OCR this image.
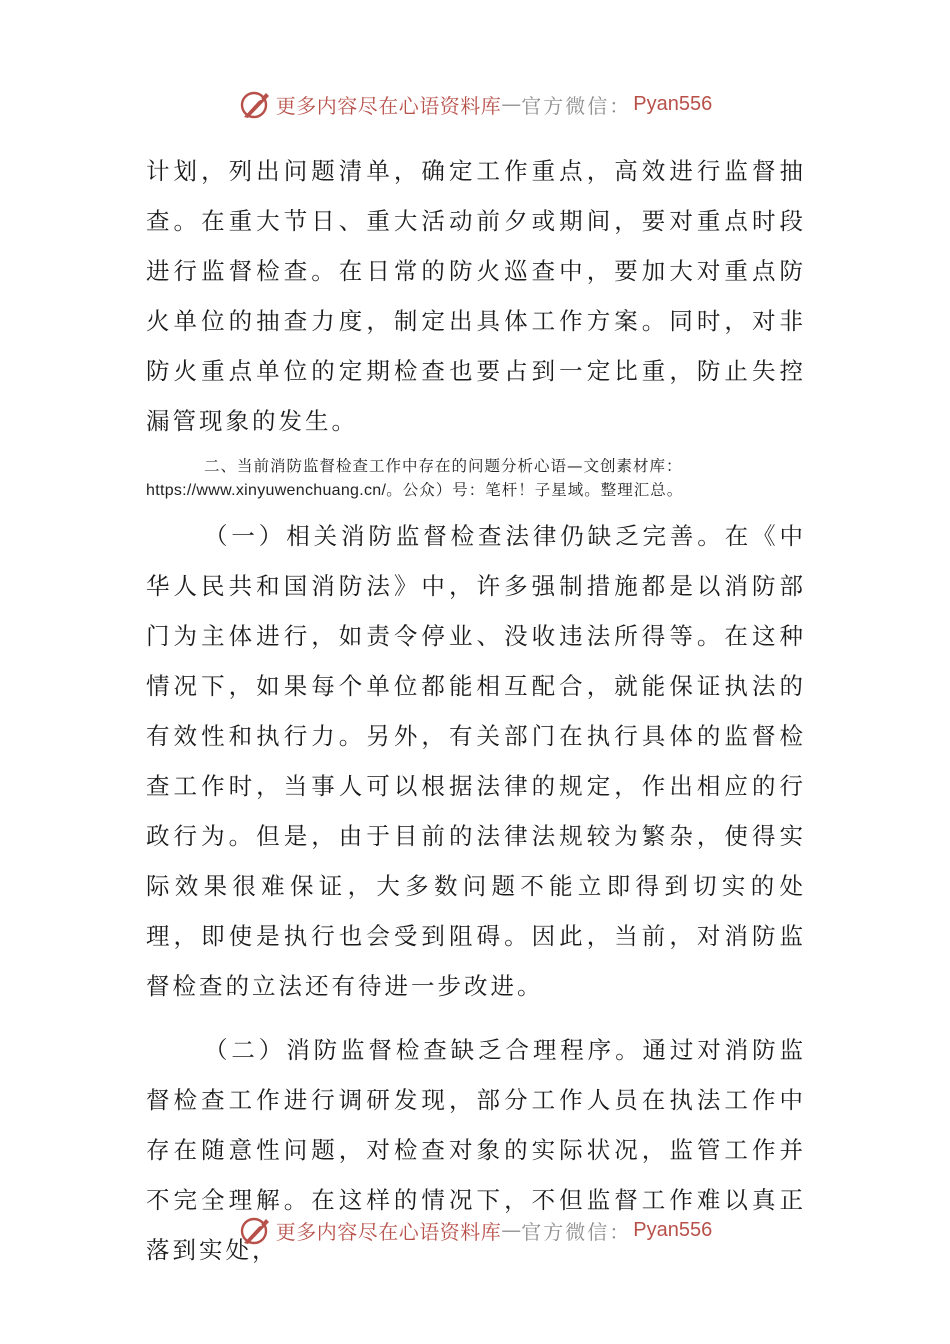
更多内容尽在心语资料库 — 官方微信： Pyan556

计划，列出问题清单，确定工作重点，高效进行监督抽查。在重大节日、重大活动前夕或期间，要对重点时段进行监督检查。在日常的防火巡查中，要加大对重点防火单位的抽查力度，制定出具体工作方案。同时，对非防火重点单位的定期检查也要占到一定比重，防止失控漏管现象的发生。

二、当前消防监督检查工作中存在的问题分析心语—文创素材库：
https://www.xinyuwenchuang.cn/。公众）号：笔杆！子星域。整理汇总。

（一）相关消防监督检查法律仍缺乏完善。在《中华人民共和国消防法》中，许多强制措施都是以消防部门为主体进行，如责令停业、没收违法所得等。在这种情况下，如果每个单位都能相互配合，就能保证执法的有效性和执行力。另外，有关部门在执行具体的监督检查工作时，当事人可以根据法律的规定，作出相应的行政行为。但是，由于目前的法律法规较为繁杂，使得实际效果很难保证，大多数问题不能立即得到切实的处理，即使是执行也会受到阻碍。因此，当前，对消防监督检查的立法还有待进一步改进。

（二）消防监督检查缺乏合理程序。通过对消防监督检查工作进行调研发现，部分工作人员在执法工作中存在随意性问题，对检查对象的实际状况，监管工作并不完全理解。在这样的情况下，不但监督工作难以真正落到实处，

更多内容尽在心语资料库 — 官方微信： Pyan556
